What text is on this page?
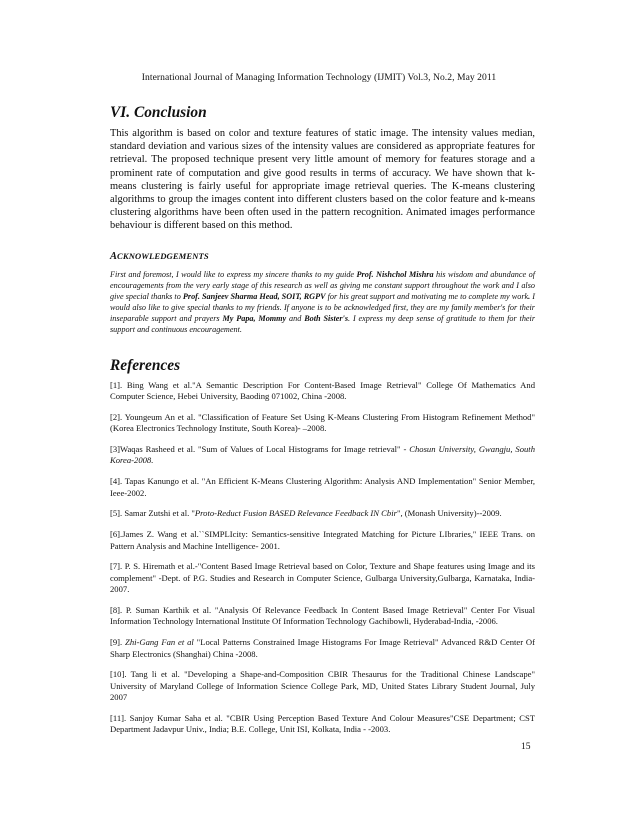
International Journal of Managing Information Technology (IJMIT) Vol.3, No.2, May 2011
VI. Conclusion

This algorithm is based on color and texture features of static image. The intensity values median, standard deviation and various sizes of the intensity values are considered as appropriate features for retrieval. The proposed technique present very little amount of memory for features storage and a prominent rate of computation and give good results in terms of accuracy. We have shown that k-means clustering is fairly useful for appropriate image retrieval queries. The K-means clustering algorithms to group the images content into different clusters based on the color feature and k-means clustering algorithms have been often used in the pattern recognition. Animated images performance behaviour is different based on this method.

ACKNOWLEDGEMENTS

First and foremost, I would like to express my sincere thanks to my guide Prof. Nishchol Mishra his wisdom and abundance of encouragements from the very early stage of this research as well as giving me constant support throughout the work and I also give special thanks to Prof. Sanjeev Sharma Head, SOIT, RGPV for his great support and motivating me to complete my work. I would also like to give special thanks to my friends. If anyone is to be acknowledged first, they are my family member's for their inseparable support and prayers My Papa, Mommy and Both Sister's. I express my deep sense of gratitude to them for their support and continuous encouragement.

References
[1]. Bing Wang et al."A Semantic Description For Content-Based Image Retrieval" College Of Mathematics And Computer Science, Hebei University, Baoding 071002, China -2008.
[2]. Youngeum An et al. "Classification of Feature Set Using K-Means Clustering From Histogram Refinement Method" (Korea Electronics Technology Institute, South Korea)- –2008.
[3]Waqas Rasheed et al. "Sum of Values of Local Histograms for Image retrieval" - Chosun University, Gwangju, South Korea-2008.
[4]. Tapas Kanungo et al. "An Efficient K-Means Clustering Algorithm: Analysis AND Implementation" Senior Member, Ieee-2002.
[5]. Samar Zutshi et al. "Proto-Reduct Fusion BASED Relevance Feedback IN Cbir", (Monash University)--2009.
[6].James Z. Wang et al.``SIMPLIcity: Semantics-sensitive Integrated Matching for Picture LIbraries,'' IEEE Trans. on Pattern Analysis and Machine Intelligence- 2001.
[7]. P. S. Hiremath et al.-"Content Based Image Retrieval based on Color, Texture and Shape features using Image and its complement" -Dept. of P.G. Studies and Research in Computer Science, Gulbarga University,Gulbarga, Karnataka, India-2007.
[8]. P. Suman Karthik et al. "Analysis Of Relevance Feedback In Content Based Image Retrieval" Center For Visual Information Technology International Institute Of Information Technology Gachibowli, Hyderabad-India, -2006.
[9]. Zhi-Gang Fan et al "Local Patterns Constrained Image Histograms For Image Retrieval" Advanced R&D Center Of Sharp Electronics (Shanghai) China -2008.
[10]. Tang li et al. "Developing a Shape-and-Composition CBIR Thesaurus for the Traditional Chinese Landscape" University of Maryland College of Information Science College Park, MD, United States Library Student Journal, July 2007
[11]. Sanjoy Kumar Saha et al. "CBIR Using Perception Based Texture And Colour Measures"CSE Department; CST Department Jadavpur Univ., India; B.E. College, Unit ISI, Kolkata, India - -2003.
15
